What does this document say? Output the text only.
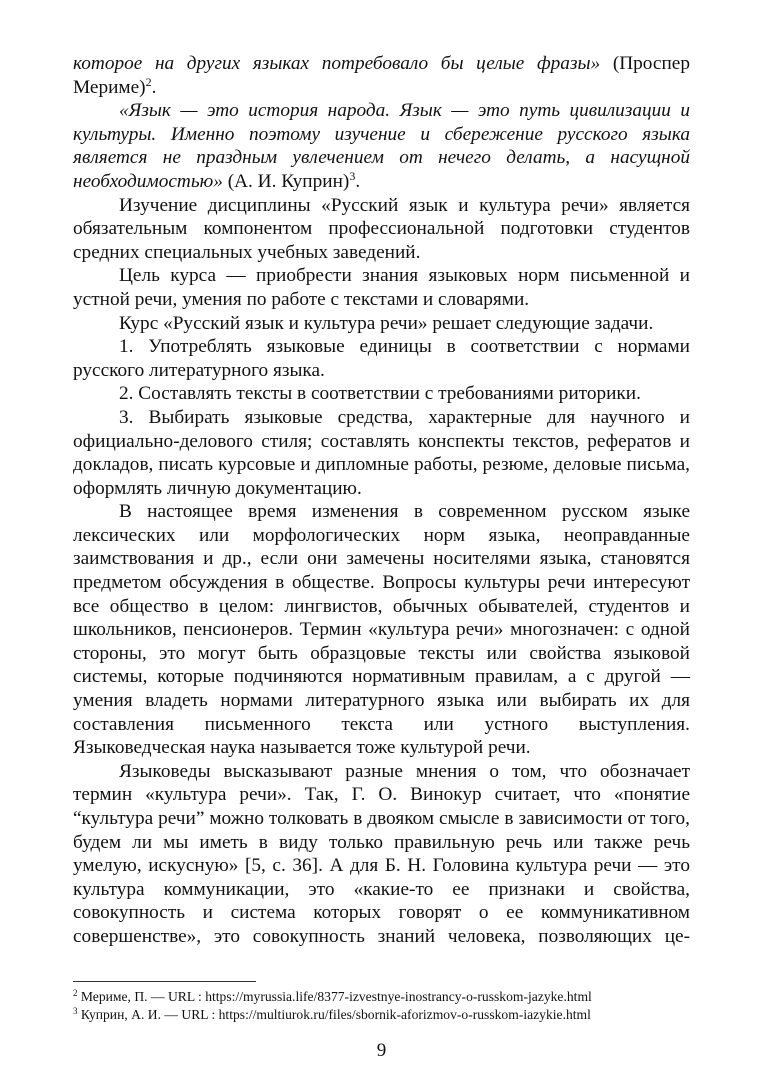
которое на других языках потребовало бы целые фразы» (Проспер Мериме)$^2$.

«Язык — это история народа. Язык — это путь цивилизации и культуры. Именно поэтому изучение и сбережение русского языка является не праздным увлечением от нечего делать, а насущной необходимостью» (А. И. Куприн)$^3$.

Изучение дисциплины «Русский язык и культура речи» является обязательным компонентом профессиональной подготовки студентов средних специальных учебных заведений.

Цель курса — приобрести знания языковых норм письменной и устной речи, умения по работе с текстами и словарями.

Курс «Русский язык и культура речи» решает следующие задачи.

1. Употреблять языковые единицы в соответствии с нормами русского литературного языка.

2. Составлять тексты в соответствии с требованиями риторики.

3. Выбирать языковые средства, характерные для научного и официально-делового стиля; составлять конспекты текстов, рефератов и докладов, писать курсовые и дипломные работы, резюме, деловые письма, оформлять личную документацию.

В настоящее время изменения в современном русском языке лексических или морфологических норм языка, неоправданные заимствования и др., если они замечены носителями языка, становятся предметом обсуждения в обществе. Вопросы культуры речи интересуют все общество в целом: лингвистов, обычных обывателей, студентов и школьников, пенсионеров. Термин «культура речи» многозначен: с одной стороны, это могут быть образцовые тексты или свойства языковой системы, которые подчиняются нормативным правилам, а с другой — умения владеть нормами литературного языка или выбирать их для составления письменного текста или устного выступления. Языковедческая наука называется тоже культурой речи.

Языковеды высказывают разные мнения о том, что обозначает термин «культура речи». Так, Г. О. Винокур считает, что «понятие “культура речи” можно толковать в двояком смысле в зависимости от того, будем ли мы иметь в виду только правильную речь или также речь умелую, искусную» [5, с. 36]. А для Б. Н. Головина культура речи — это культура коммуникации, это «какие-то ее признаки и свойства, совокупность и система которых говорят о ее коммуникативном совершенстве», это совокупность знаний человека, позволяющих це-

$^2$ Мериме, П. — URL : https://myrussia.life/8377-izvestnye-inostrancy-o-russkom-jazyke.html
$^3$ Куприн, А. И. — URL : https://multiurok.ru/files/sbornik-aforizmov-o-russkom-iazykie.html
9
